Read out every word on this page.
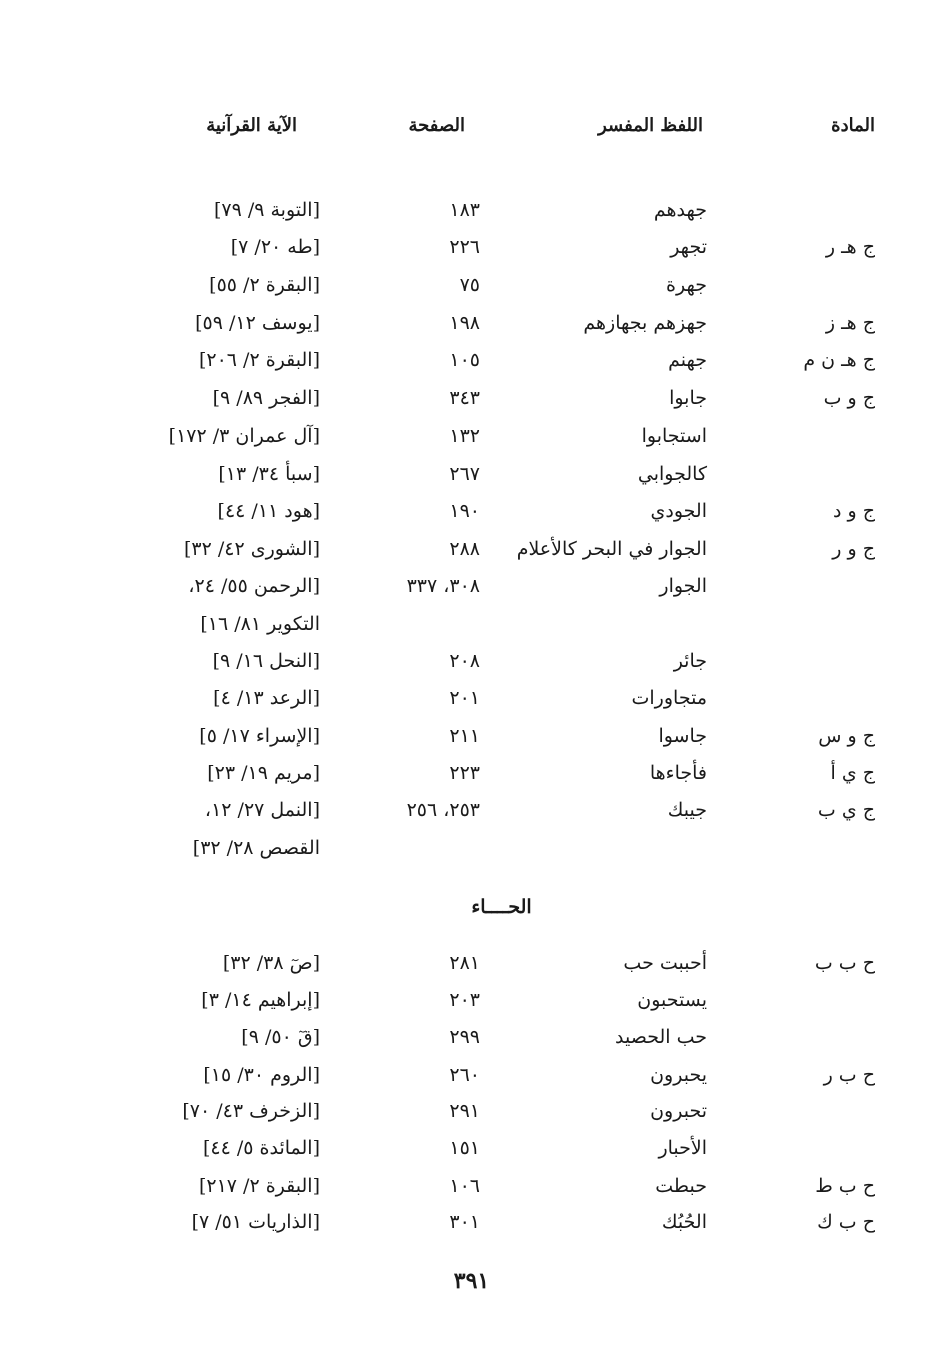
المادة
اللفظ المفسر
الصفحة
الآية القرآنية
جهدهم
١٨٣
[التوبة ٩/ ٧٩]
ج هـ ر
تجهر
٢٢٦
[طه ٢٠/ ٧]
جهرة
٧٥
[البقرة ٢/ ٥٥]
ج هـ ز
جهزهم بجهازهم
١٩٨
[يوسف ١٢/ ٥٩]
ج هـ ن م
جهنم
١٠٥
[البقرة ٢/ ٢٠٦]
ج و ب
جابوا
٣٤٣
[الفجر ٨٩/ ٩]
استجابوا
١٣٢
[آل عمران ٣/ ١٧٢]
كالجوابي
٢٦٧
[سبأ ٣٤/ ١٣]
ج و د
الجودي
١٩٠
[هود ١١/ ٤٤]
ج و ر
الجوار في البحر كالأعلام
٢٨٨
[الشورى ٤٢/ ٣٢]
الجوار
٣٠٨، ٣٣٧
[الرحمن ٥٥/ ٢٤،
التكوير ٨١/ ١٦]
جائر
٢٠٨
[النحل ١٦/ ٩]
متجاورات
٢٠١
[الرعد ١٣/ ٤]
ج و س
جاسوا
٢١١
[الإسراء ١٧/ ٥]
ج ي أ
فأجاءها
٢٢٣
[مريم ١٩/ ٢٣]
ج ي ب
جيبك
٢٥٣، ٢٥٦
[النمل ٢٧/ ١٢،
القصص ٢٨/ ٣٢]
الحــــاء
ح ب ب
أحببت حب
٢٨١
[صٓ ٣٨/ ٣٢]
يستحبون
٢٠٣
[إبراهيم ١٤/ ٣]
حب الحصيد
٢٩٩
[قٓ ٥٠/ ٩]
ح ب ر
يحبرون
٢٦٠
[الروم ٣٠/ ١٥]
تحبرون
٢٩١
[الزخرف ٤٣/ ٧٠]
الأحبار
١٥١
[المائدة ٥/ ٤٤]
ح ب ط
حبطت
١٠٦
[البقرة ٢/ ٢١٧]
ح ب ك
الحُبُك
٣٠١
[الذاريات ٥١/ ٧]
٣٩١
